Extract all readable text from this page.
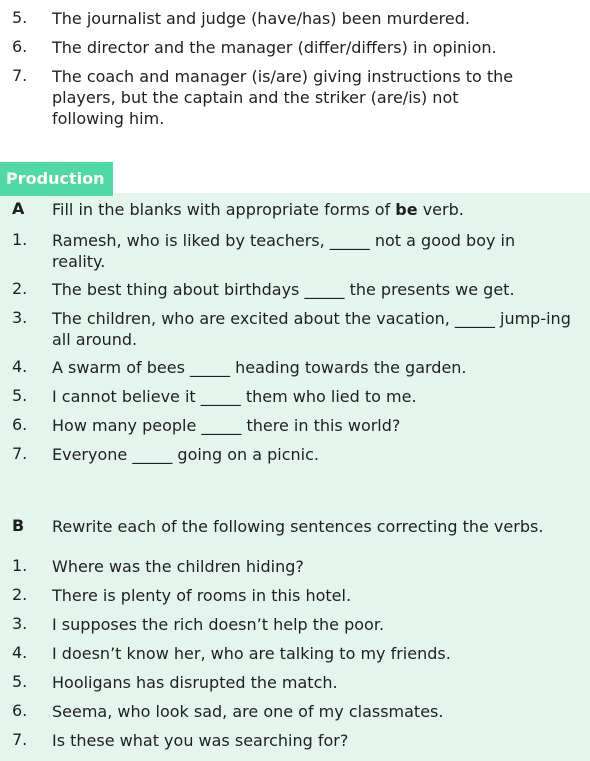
5.	The journalist and judge (have/has) been murdered.
6.	The director and the manager (differ/differs) in opinion.
7.	The coach and manager (is/are) giving instructions to the players, but the captain and the striker (are/is) not following him.
Production
A	Fill in the blanks with appropriate forms of be verb.
1.	Ramesh, who is liked by teachers, _____ not a good boy in reality.
2.	The best thing about birthdays _____ the presents we get.
3.	The children, who are excited about the vacation, _____ jump-ing all around.
4.	A swarm of bees _____ heading towards the garden.
5.	I cannot believe it _____ them who lied to me.
6.	How many people _____ there in this world?
7.	Everyone _____ going on a picnic.
B	Rewrite each of the following sentences correcting the verbs.
1.	Where was the children hiding?
2.	There is plenty of rooms in this hotel.
3.	I supposes the rich doesn’t help the poor.
4.	I doesn’t know her, who are talking to my friends.
5.	Hooligans has disrupted the match.
6.	Seema, who look sad, are one of my classmates.
7.	Is these what you was searching for?
